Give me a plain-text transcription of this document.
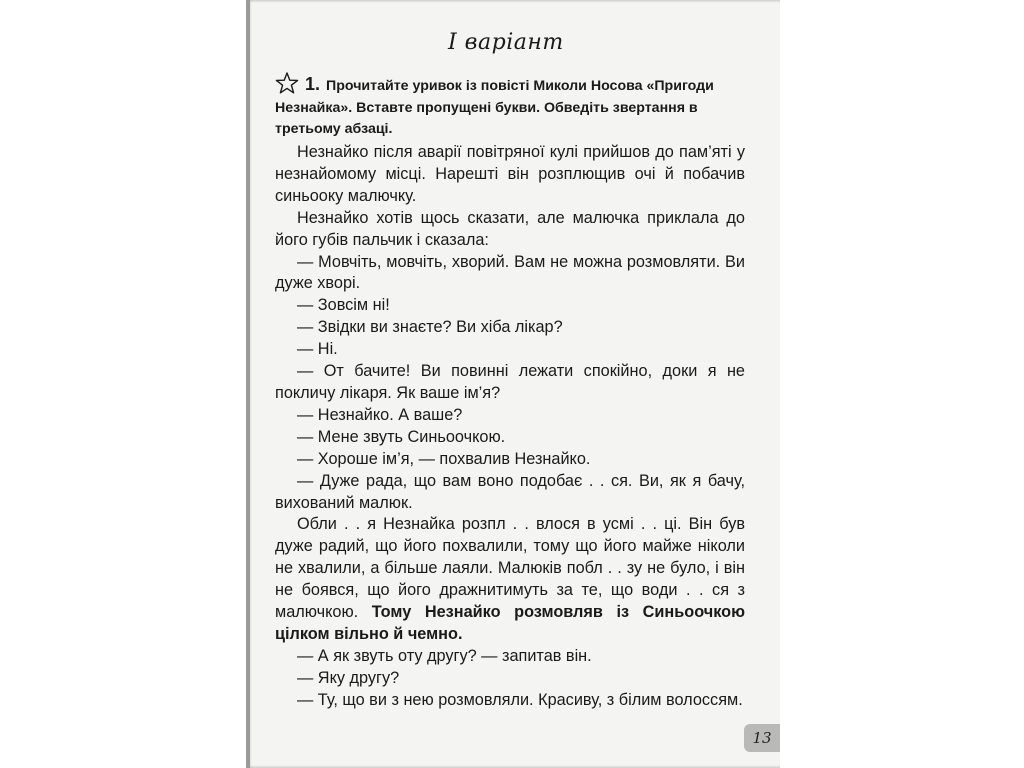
І варіант
1. Прочитайте уривок із повісті Миколи Носова «Пригоди Незнайка». Вставте пропущені букви. Обведіть звертання в третьому абзаці.

Незнайко після аварії повітряної кулі прийшов до пам’яті у незнайомому місці. Нарешті він розплющив очі й побачив синьооку малючку.

Незнайко хотів щось сказати, але малючка приклала до його губів пальчик і сказала:

— Мовчіть, мовчіть, хворий. Вам не можна розмовляти. Ви дуже хворі.

— Зовсім ні!

— Звідки ви знаєте? Ви хіба лікар?

— Ні.

— От бачите! Ви повинні лежати спокійно, доки я не покличу лікаря. Як ваше ім’я?

— Незнайко. А ваше?

— Мене звуть Синьоочкою.

— Хороше ім’я, — похвалив Незнайко.

— Дуже рада, що вам воно подобає . . ся. Ви, як я бачу, вихований малюк.

Обли . . я Незнайка розпл . . влося в усмі . . ці. Він був дуже радий, що його похвалили, тому що його майже ніколи не хвалили, а більше лаяли. Малюків побл . . зу не було, і він не боявся, що його дражнитимуть за те, що води . . ся з малючкою. Тому Незнайко розмовляв із Синьоочкою цілком вільно й чемно.

— А як звуть оту другу? — запитав він.

— Яку другу?

— Ту, що ви з нею розмовляли. Красиву, з білим волоссям.

13
